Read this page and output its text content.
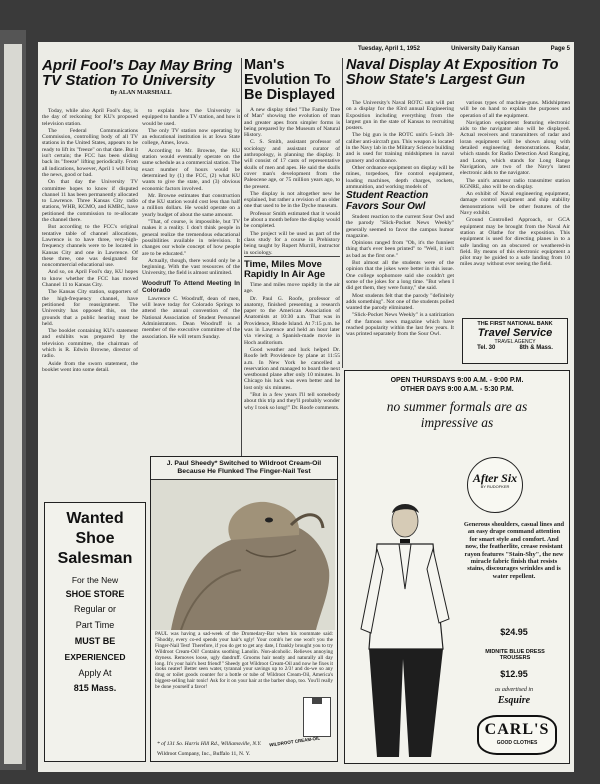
Tuesday, April 1, 1952	University Daily Kansan	Page 5
April Fool's Day May Bring TV Station To University
By ALAN MARSHALL

Today, while also April Fool's day, is the day of reckoning for KU's proposed television station.

The Federal Communications Commission, controlling body of all TV stations in the United States, appears to be ready to lift its "freeze" on that date. But it isn't certain; the FCC has been sliding back its "freeze" lifting periodically. From all indications, however, April 1 will bring the news, good or bad.

On that day the University TV committee hopes to know if disputed channel 11 has been permanently allocated to Lawrence. Three Kansas City radio stations, WHB, KCMO, and KMBC, have petitioned the commission to re-allocate the channel there.

But according to the FCC's original tentative table of channel allocations, Lawrence is to have three, very-high-frequency channels were to be located in Kansas City and one in Lawrence. Of these three, one was designated for noncommercial educational use.

And so, on April Fool's day, KU hopes to know whether the FCC has moved Channel 11 to Kansas City.

The Kansas City station, supporters of the high-frequency channel, have petitioned for reassignment. The University has opposed this, on the grounds that a public hearing must be held.

The booklet containing KU's statement and exhibits was prepared by the television committee, the chairman of which is R. Edwin Browne, director of radio.

Aside from the sworn statement, the booklet went into some detail.

to explain how the University is equipped to handle a TV station, and how it would be used.

The only TV station now operating by an educational institution is at Iowa State college, Ames, Iowa.

According to Mr. Browne, the KU station would eventually operate on the same schedule as a commercial station. The exact number of hours would be determined by (1) the FCC, (2) what KU wants to give the state, and (3) obvious economic factors involved.

Mr. Browne estimates that construction of the KU station would cost less than half a million dollars. He would operate on a yearly budget of about the same amount.

"That, of course, is impossible, but TV makes it a reality. I don't think people in general realize the tremendous educational possibilities available in television. It changes our whole concept of how people are to be educated."

Actually, though, there would only be a beginning. With the vast resources of the University, the field is almost unlimited.

Woodruff To Attend Meeting In Colorado

Lawrence C. Woodruff, dean of men, will leave today for Colorado Springs to attend the annual convention of the National Association of Student Personnel Administrators. Dean Woodruff is a member of the executive committee of the association. He will return Sunday.

Man's Evolution To Be Displayed

A new display titled "The Family Tree of Man" showing the evolution of man and greater apes from simpler forms is being prepared by the Museum of Natural History.

C. S. Smith, assistant professor of sociology and assistant curator of anthropology, is planning the display. It will consist of 17 casts of representative skulls of men and apes. He said the skulls cover man's development from the Paleocene age, or 75 million years ago, to the present.

The display is not altogether new he explained, but rather a revision of an older one that used to be in the Dyche museum.

Professor Smith estimated that it would be about a month before the display would be completed.

The project will be used as part of the class study for a course in Prehistory being taught by Rupert Murrill, instructor in sociology.

Time, Miles Move Rapidly In Air Age

Time and miles move rapidly in the air age.

Dr. Paul G. Roofe, professor of anatomy, finished presenting a research paper to the American Association of Anatomists at 10:30 a.m. That was in Providence, Rhode Island. At 7:15 p.m. he was in Lawrence and held an hour later via viewing a Spanish-made movie in Hoch auditorium.

Good weather and luck helped Dr. Roofe left Providence by plane at 11:55 a.m. In New York he cancelled a reservation and managed to board the next westbound plane after only 10 minutes. In Chicago his luck was even better and he lost only six minutes.

"But in a few years I'll tell somebody about this trip and they'll probably wonder why I took so long!" Dr. Roofe comments.

Naval Display At Exposition To Show State's Largest Gun

The University's Naval ROTC unit will put on a display for the 83rd annual Engineering Exposition including everything from the largest gun in the state of Kansas to recruiting posters.

The big gun is the ROTC unit's 5-inch 38-caliber anti-aircraft gun. This weapon is located in the Navy lab in the Military Science building and is used for training midshipmen in naval gunnery and ordnance.

Other ordnance equipment on display will be mines, torpedoes, fire control equipment, loading machines, depth charges, rockets, ammunition, and working models of

various types of machine-guns. Midshipmen will be on hand to explain the purposes and operation of all the equipment.

Navigation equipment featuring electronic aids to the navigator also will be displayed. Actual receivers and transmitters of radar and loran equipment will be shown along with detailed engineering demonstrations. Radar, which stands for Radio Detection And Ranging, and Loran, which stands for Long Range Navigation, are two of the Navy's latest electronic aids to the navigator.

The unit's amateur radio transmitter station KGNRE, also will be on display.

An exhibit of Naval engineering equipment, damage control equipment and ship stability demonstrations will be other features of the Navy exhibit.

Ground Controlled Approach, or GCA equipment may be brought from the Naval Air station at Olathe for the exposition. This equipment is used for directing planes in to a safe landing on an obscured or weathered-in field. By means of this electronic equipment a pilot may be guided to a safe landing from 10 miles away without ever seeing the field.

Student Reaction Favors Sour Owl

Student reaction to the current Sour Owl and the parody "Slick-Pocket News Weekly" generally seemed to favor the campus humor magazine.

Opinions ranged from "Oh, it's the funniest thing that's ever been printed" to "Well, it isn't as bad as the first one."

But almost all the students were of the opinion that the jokes were better in this issue. One college sophomore said she couldn't get some of the jokes for a long time. "But when I did get them, they were funny," she said.

Most students felt that the parody "definitely adds something". Not one of the students polled wanted the parody eliminated.

"Slick-Pocket News Weekly" is a satirization of the famous news magazine which have reached popularity within the last few years. It was printed separately from the Sour Owl.

THE FIRST NATIONAL BANK
Travel Service
TRAVEL AGENCY
Tel. 30	8th & Mass.
Wanted
Shoe
Salesman
For the New
SHOE STORE
Regular or
Part Time
MUST BE
EXPERIENCED
Apply At
815 Mass.
J. Paul Sheedy* Switched to Wildroot Cream-Oil Because He Flunked The Finger-Nail Test
PAUL was having a sad-week of the Dromedary-Bar when his roommate said: "Shoddy, every co-ed spends your hair's ugly! Your comb's her one won't you the Finger-Nail Test! Therefore, if you do get to get any date, I frankly brought you to try Wildroot Cream-Oil! Contains soothing Lanolin. Non-alcoholic. Relieves annoying dryness. Removes loose, ugly dandruff. Grooms hair neatly and naturally all day long. It's your hair's best friend!" Sheedy got Wildroot Cream-Oil and now he fixes it looks neater! Better seen water, tyrannal your savings up to 2/3! and do-we so any drug or toilet goods counter for a bottle or tube of Wildroot Cream-Oil, America's biggest-selling hair tonic! Ask for it on your hair at the barber shop, too. You'll really be done yourself a favor!
WILDROOT CREAM-OIL
* of 131 So. Harris Hill Rd., Williamsville, N.Y.
Wildroot Company, Inc., Buffalo 11, N. Y.
OPEN THURSDAYS 9:00 A.M. - 9:00 P.M.
OTHER DAYS 9:00 A.M. - 5:30 P.M.
no summer formals are as
impressive as
After Six
BY RUDOFKER
Generous shoulders, casual lines and an easy drape command attention for smart style and comfort. And now, the featherlite, crease resistant rayon features "Stain-Shy", the new miracle fabric finish that resists stains, discourages wrinkles and is water repellent.
$24.95
MIDNITE BLUE DRESS TROUSERS
$12.95
as advertised in
Esquire
CARL'S
GOOD CLOTHES
